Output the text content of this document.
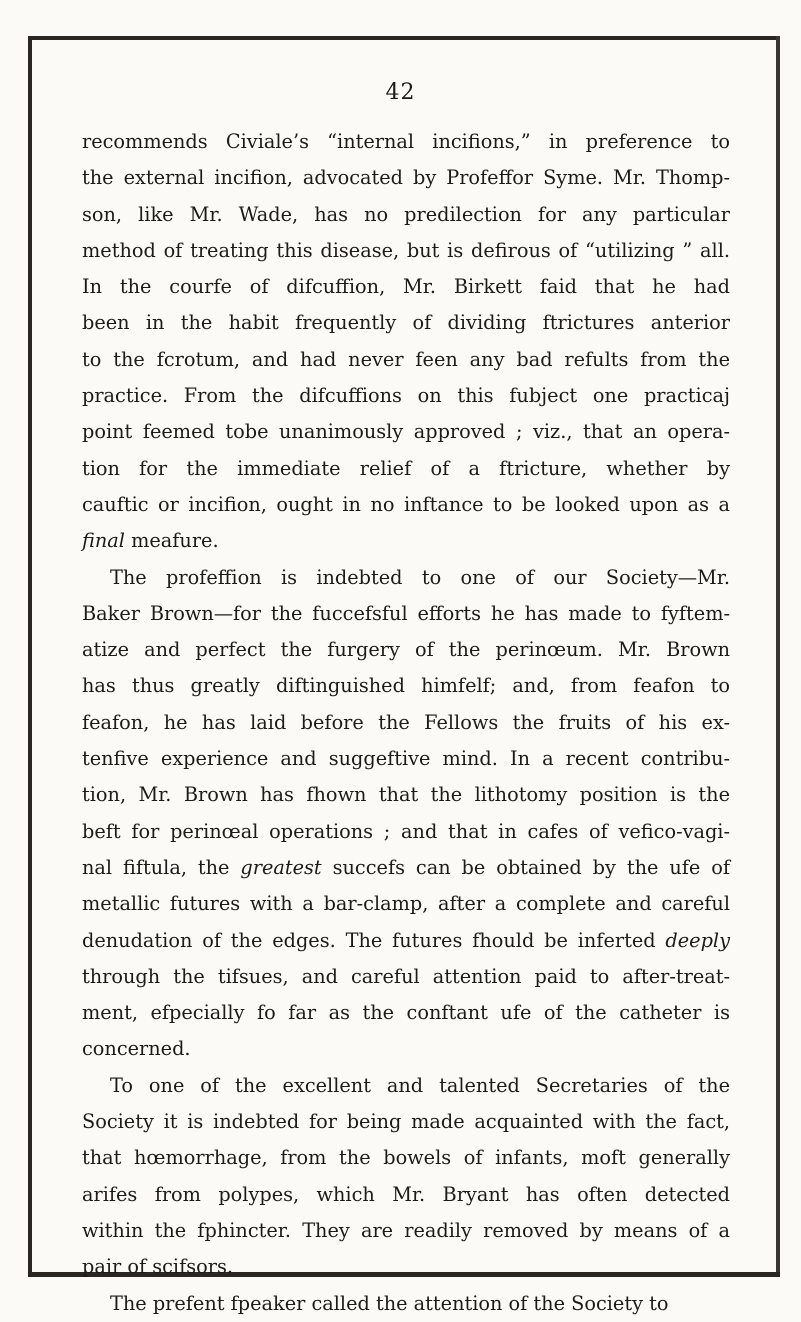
42
recommends Civiale’s “internal incifions,” in preference to
the external incifion, advocated by Profeffor Syme. Mr. Thomp-
son, like Mr. Wade, has no predilection for any particular
method of treating this disease, but is defirous of “utilizing ” all.
In the courfe of difcuffion, Mr. Birkett faid that he had
been in the habit frequently of dividing ftrictures anterior
to the fcrotum, and had never feen any bad refults from the
practice. From the difcuffions on this fubject one practicaj
point feemed tobe unanimously approved ; viz., that an opera-
tion for the immediate relief of a ftricture, whether by
cauftic or incifion, ought in no inftance to be looked upon as a
final meafure.
The profeffion is indebted to one of our Society—Mr.
Baker Brown—for the fuccefsful efforts he has made to fyftem-
atize and perfect the furgery of the perinœum. Mr. Brown
has thus greatly diftinguished himfelf; and, from feafon to
feafon, he has laid before the Fellows the fruits of his ex-
tenfive experience and suggeftive mind. In a recent contribu-
tion, Mr. Brown has fhown that the lithotomy position is the
beft for perinœal operations ; and that in cafes of vefico-vagi-
nal fiftula, the greatest succefs can be obtained by the ufe of
metallic futures with a bar-clamp, after a complete and careful
denudation of the edges. The futures fhould be inferted deeply
through the tifsues, and careful attention paid to after-treat-
ment, efpecially fo far as the conftant ufe of the catheter is
concerned.
To one of the excellent and talented Secretaries of the
Society it is indebted for being made acquainted with the fact,
that hœmorrhage, from the bowels of infants, moft generally
arifes from polypes, which Mr. Bryant has often detected
within the fphincter. They are readily removed by means of a
pair of scifsors.
The prefent fpeaker called the attention of the Society to
